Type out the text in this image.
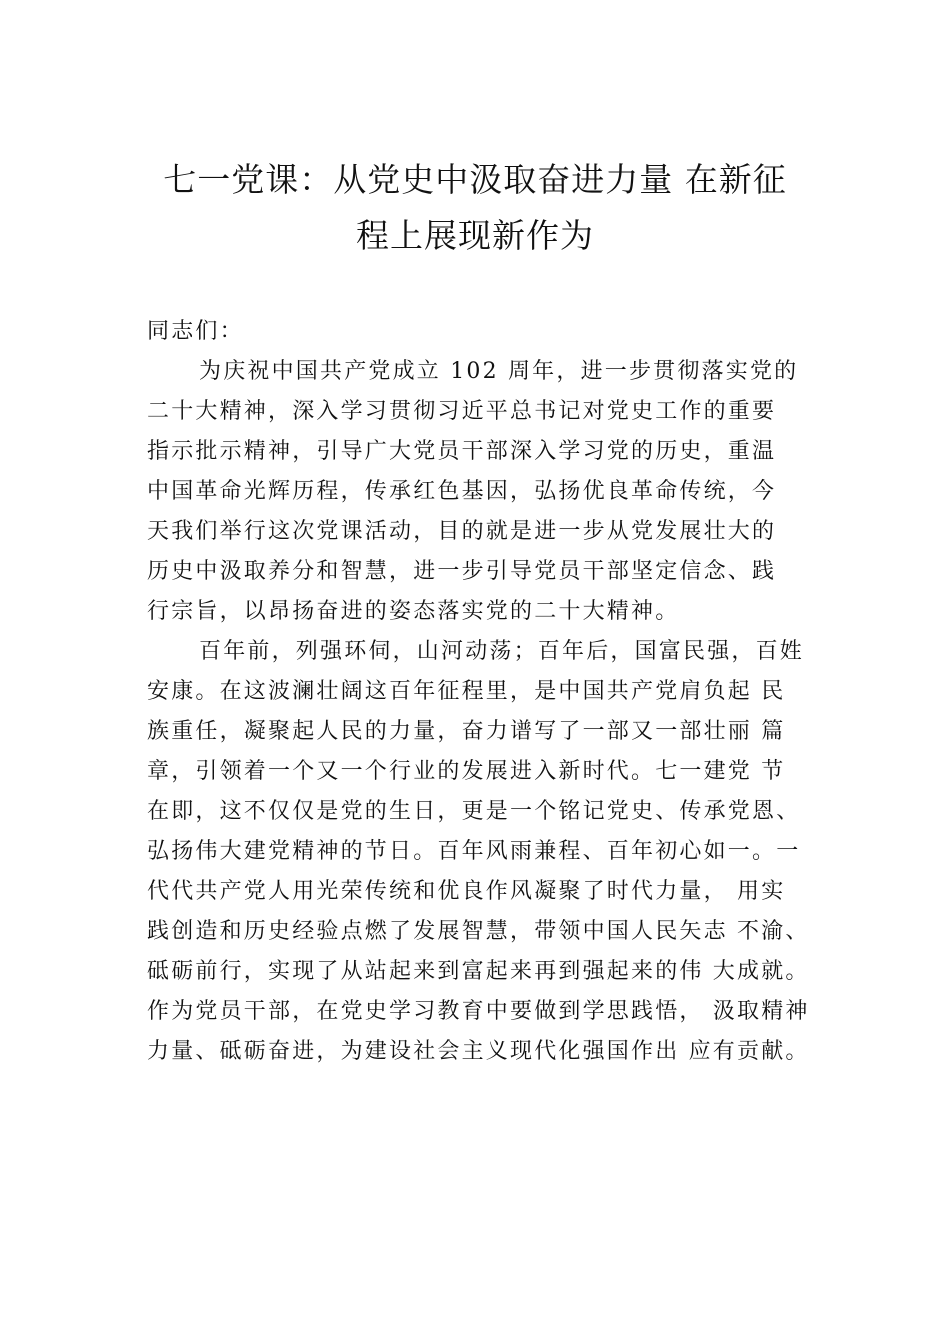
七一党课：从党史中汲取奋进力量 在新征
程上展现新作为
同志们：
为庆祝中国共产党成立 102 周年，进一步贯彻落实党的
二十大精神，深入学习贯彻习近平总书记对党史工作的重要
指示批示精神，引导广大党员干部深入学习党的历史，重温
中国革命光辉历程，传承红色基因，弘扬优良革命传统，今
天我们举行这次党课活动，目的就是进一步从党发展壮大的
历史中汲取养分和智慧，进一步引导党员干部坚定信念、践
行宗旨，以昂扬奋进的姿态落实党的二十大精神。
百年前，列强环伺，山河动荡；百年后，国富民强，百姓
安康。在这波澜壮阔这百年征程里，是中国共产党肩负起 民
族重任，凝聚起人民的力量，奋力谱写了一部又一部壮丽 篇
章，引领着一个又一个行业的发展进入新时代。七一建党 节
在即，这不仅仅是党的生日，更是一个铭记党史、传承党恩、
弘扬伟大建党精神的节日。百年风雨兼程、百年初心如一。一
代代共产党人用光荣传统和优良作风凝聚了时代力量， 用实
践创造和历史经验点燃了发展智慧，带领中国人民矢志 不渝、
砥砺前行，实现了从站起来到富起来再到强起来的伟 大成就。
作为党员干部，在党史学习教育中要做到学思践悟， 汲取精神
力量、砥砺奋进，为建设社会主义现代化强国作出 应有贡献。
